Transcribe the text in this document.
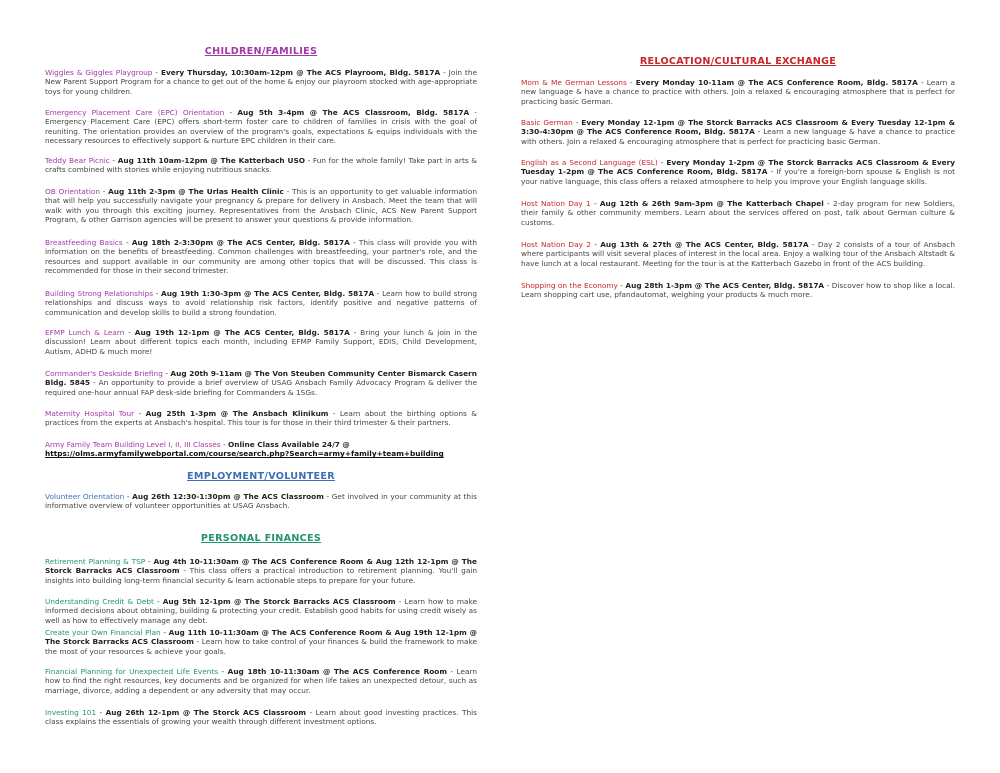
CHILDREN/FAMILIES
Wiggles & Giggles Playgroup - Every Thursday, 10:30am-12pm @ The ACS Playroom, Bldg. 5817A - Join the New Parent Support Program for a chance to get out of the home & enjoy our playroom stocked with age-appropriate toys for young children.
Emergency Placement Care (EPC) Orientation - Aug 5th 3-4pm @ The ACS Classroom, Bldg. 5817A - Emergency Placement Care (EPC) offers short-term foster care to children of families in crisis with the goal of reuniting. The orientation provides an overview of the program's goals, expectations & equips individuals with the necessary resources to effectively support & nurture EPC children in their care.
Teddy Bear Picnic - Aug 11th 10am-12pm @ The Katterbach USO - Fun for the whole family! Take part in arts & crafts combined with stories while enjoying nutritious snacks.
OB Orientation - Aug 11th 2-3pm @ The Urlas Health Clinic - This is an opportunity to get valuable information that will help you successfully navigate your pregnancy & prepare for delivery in Ansbach. Meet the team that will walk with you through this exciting journey. Representatives from the Ansbach Clinic, ACS New Parent Support Program, & other Garrison agencies will be present to answer your questions & provide information.
Breastfeeding Basics - Aug 18th 2-3:30pm @ The ACS Center, Bldg. 5817A - This class will provide you with information on the benefits of breastfeeding. Common challenges with breastfeeding, your partner's role, and the resources and support available in our community are among other topics that will be discussed. This class is recommended for those in their second trimester.
Building Strong Relationships - Aug 19th 1:30-3pm @ The ACS Center, Bldg. 5817A - Learn how to build strong relationships and discuss ways to avoid relationship risk factors, identify positive and negative patterns of communication and develop skills to build a strong foundation.
EFMP Lunch & Learn - Aug 19th 12-1pm @ The ACS Center, Bldg. 5817A - Bring your lunch & join in the discussion! Learn about different topics each month, including EFMP Family Support, EDIS, Child Development, Autism, ADHD & much more!
Commander's Deskside Briefing - Aug 20th 9-11am @ The Von Steuben Community Center Bismarck Casern Bldg. 5845 - An opportunity to provide a brief overview of USAG Ansbach Family Advocacy Program & deliver the required one-hour annual FAP desk-side briefing for Commanders & 1SGs.
Maternity Hospital Tour - Aug 25th 1-3pm @ The Ansbach Klinikum - Learn about the birthing options & practices from the experts at Ansbach's hospital. This tour is for those in their third trimester & their partners.
Army Family Team Building Level I, II, III Classes - Online Class Available 24/7 @
https://olms.armyfamilywebportal.com/course/search.php?Search=army+family+team+building
EMPLOYMENT/VOLUNTEER
Volunteer Orientation - Aug 26th 12:30-1:30pm @ The ACS Classroom - Get involved in your community at this informative overview of volunteer opportunities at USAG Ansbach.
PERSONAL FINANCES
Retirement Planning & TSP - Aug 4th 10-11:30am @ The ACS Conference Room & Aug 12th 12-1pm @ The Storck Barracks ACS Classroom - This class offers a practical introduction to retirement planning. You'll gain insights into building long-term financial security & learn actionable steps to prepare for your future.
Understanding Credit & Debt - Aug 5th 12-1pm @ The Storck Barracks ACS Classroom - Learn how to make informed decisions about obtaining, building & protecting your credit. Establish good habits for using credit wisely as well as how to effectively manage any debt.
Create your Own Financial Plan - Aug 11th 10-11:30am @ The ACS Conference Room & Aug 19th 12-1pm @ The Storck Barracks ACS Classroom - Learn how to take control of your finances & build the framework to make the most of your resources & achieve your goals.
Financial Planning for Unexpected Life Events - Aug 18th 10-11:30am @ The ACS Conference Room - Learn how to find the right resources, key documents and be organized for when life takes an unexpected detour, such as marriage, divorce, adding a dependent or any adversity that may occur.
Investing 101 - Aug 26th 12-1pm @ The Storck ACS Classroom - Learn about good investing practices. This class explains the essentials of growing your wealth through different investment options.
RELOCATION/CULTURAL EXCHANGE
Mom & Me German Lessons - Every Monday 10-11am @ The ACS Conference Room, Bldg. 5817A - Learn a new language & have a chance to practice with others. Join a relaxed & encouraging atmosphere that is perfect for practicing basic German.
Basic German - Every Monday 12-1pm @ The Storck Barracks ACS Classroom & Every Tuesday 12-1pm & 3:30-4:30pm @ The ACS Conference Room, Bldg. 5817A - Learn a new language & have a chance to practice with others. Join a relaxed & encouraging atmosphere that is perfect for practicing basic German.
English as a Second Language (ESL) - Every Monday 1-2pm @ The Storck Barracks ACS Classroom & Every Tuesday 1-2pm @ The ACS Conference Room, Bldg. 5817A - If you're a foreign-born spouse & English is not your native language, this class offers a relaxed atmosphere to help you improve your English language skills.
Host Nation Day 1 - Aug 12th & 26th 9am-3pm @ The Katterbach Chapel - 2-day program for new Soldiers, their family & other community members. Learn about the services offered on post, talk about German culture & customs.
Host Nation Day 2 - Aug 13th & 27th @ The ACS Center, Bldg. 5817A - Day 2 consists of a tour of Ansbach where participants will visit several places of interest in the local area. Enjoy a walking tour of the Ansbach Altstadt & have lunch at a local restaurant. Meeting for the tour is at the Katterbach Gazebo in front of the ACS building.
Shopping on the Economy - Aug 28th 1-3pm @ The ACS Center, Bldg. 5817A - Discover how to shop like a local. Learn shopping cart use, pfandautomat, weighing your products & much more.
